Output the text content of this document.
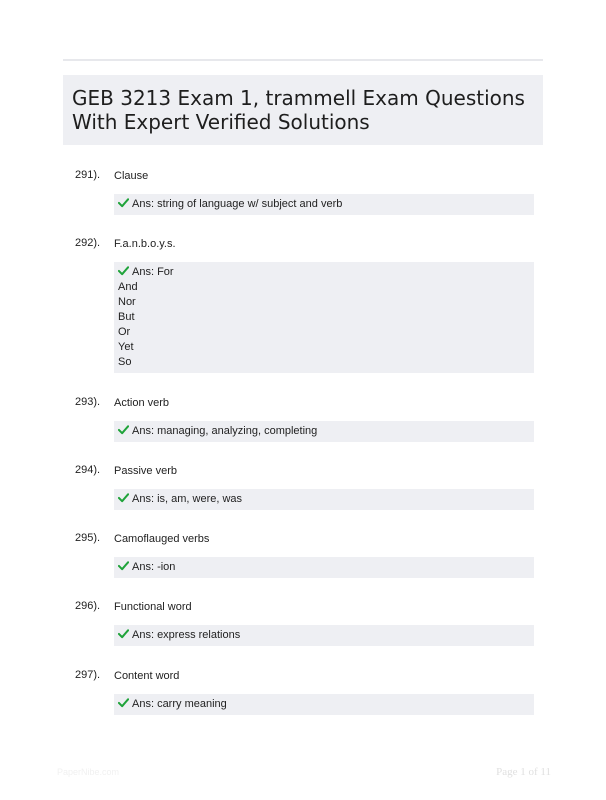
GEB 3213 Exam 1, trammell Exam Questions
With Expert Verified Solutions
291). Clause
Ans: string of language w/ subject and verb
292). F.a.n.b.o.y.s.
Ans: For
And
Nor
But
Or
Yet
So
293). Action verb
Ans: managing, analyzing, completing
294). Passive verb
Ans: is, am, were, was
295). Camoflauged verbs
Ans: -ion
296). Functional word
Ans: express relations
297). Content word
Ans: carry meaning
PaperNibe.com	Page 1 of 11
